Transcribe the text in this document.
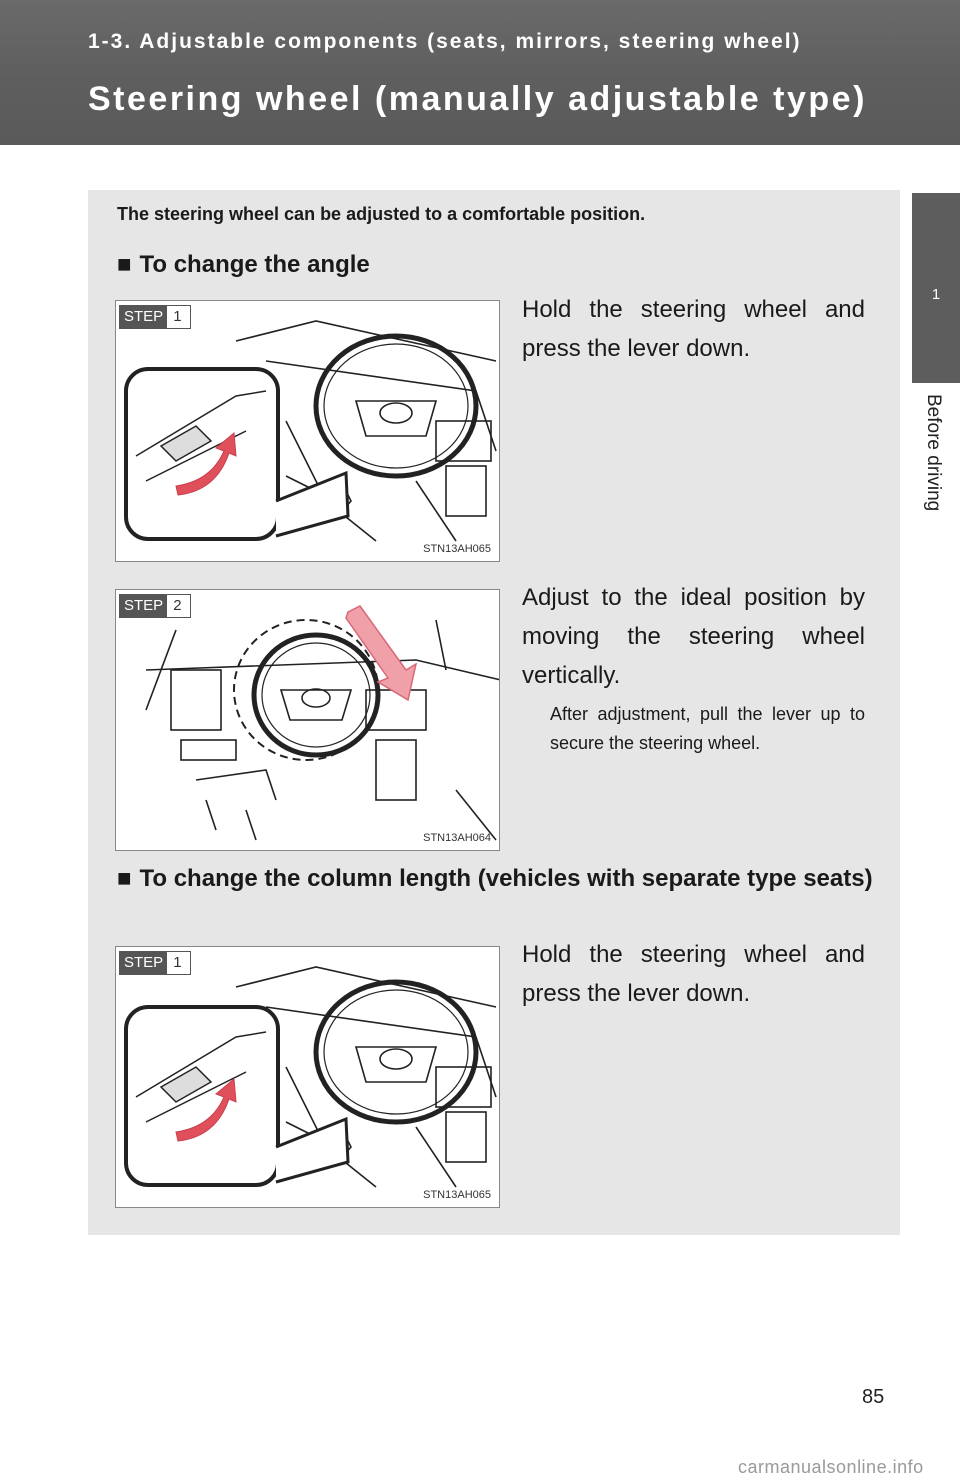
1-3. Adjustable components (seats, mirrors, steering wheel)
Steering wheel (manually adjustable type)
1
Before driving
The steering wheel can be adjusted to a comfortable position.
■ To change the angle
STEP 1
STN13AH065
Hold the steering wheel and press the lever down.
STEP 2
STN13AH064
Adjust to the ideal position by moving the steering wheel vertically.
After adjustment, pull the lever up to secure the steering wheel.
■ To change the column length (vehicles with separate type seats)
STEP 1
STN13AH065
Hold the steering wheel and press the lever down.
85
carmanualsonline.info
